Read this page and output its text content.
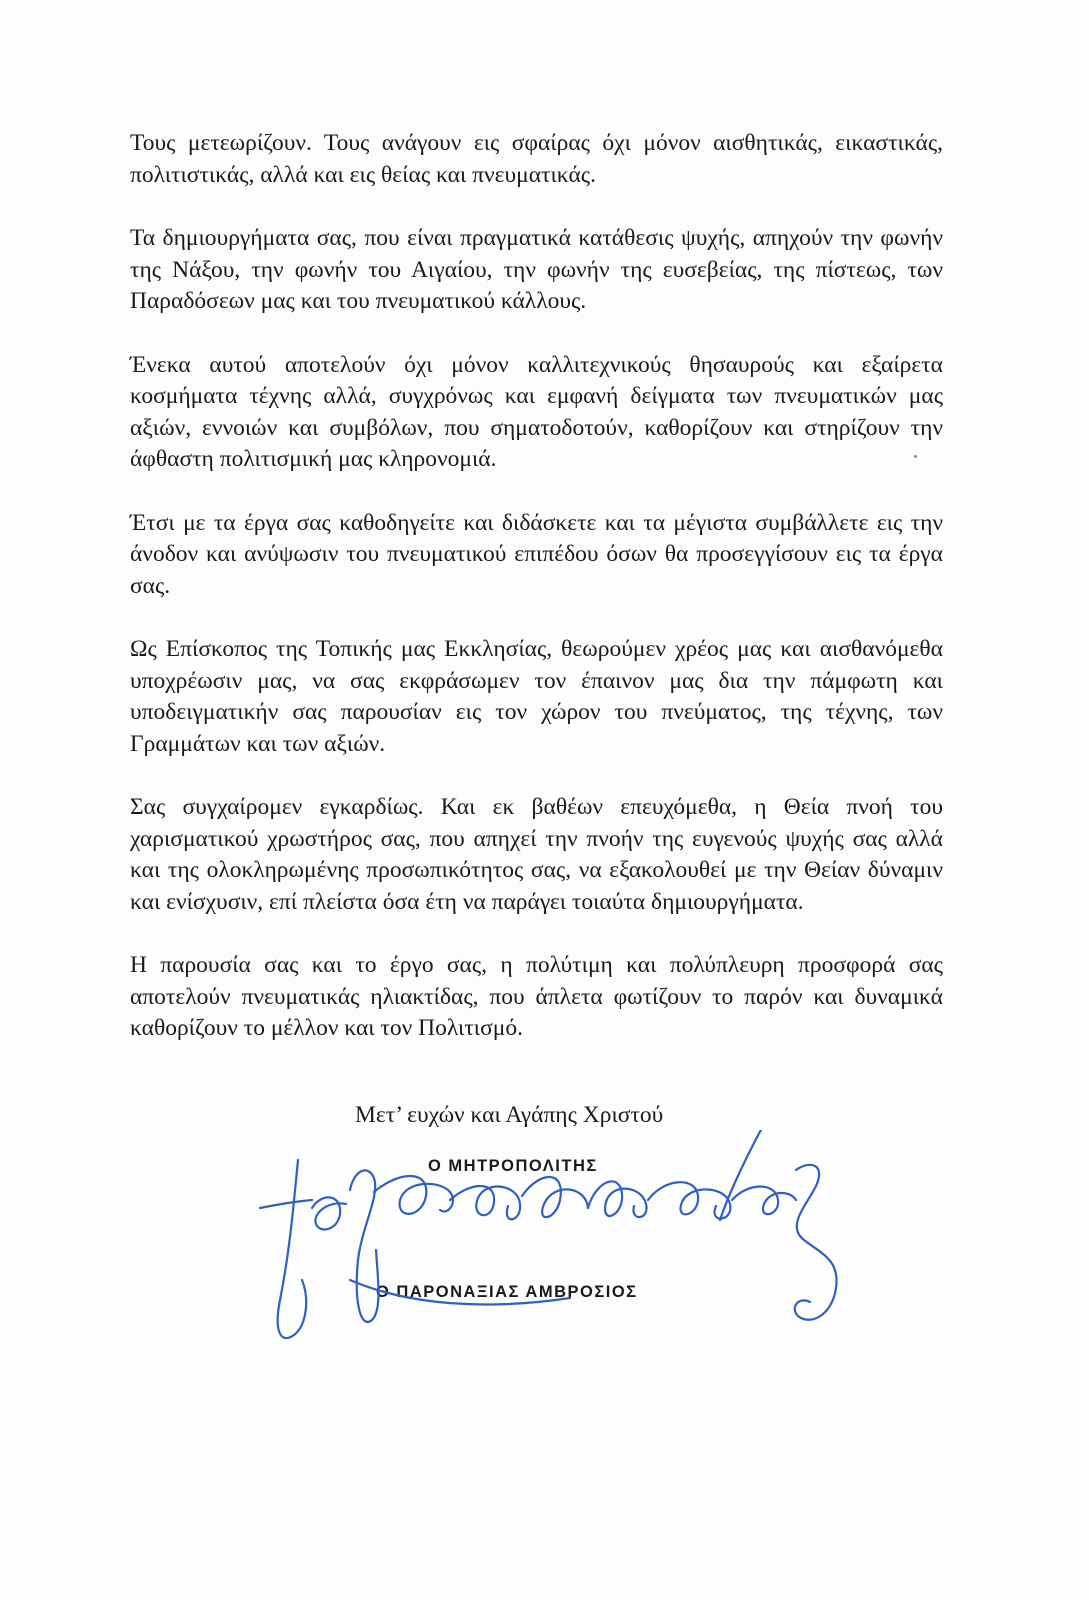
Τους μετεωρίζουν. Τους ανάγουν εις σφαίρας όχι μόνον αισθητικάς, εικαστικάς, πολιτιστικάς, αλλά και εις θείας και πνευματικάς.

Τα δημιουργήματα σας, που είναι πραγματικά κατάθεσις ψυχής, απηχούν την φωνήν της Νάξου, την φωνήν του Αιγαίου, την φωνήν της ευσεβείας, της πίστεως, των Παραδόσεων μας και του πνευματικού κάλλους.

Ένεκα αυτού αποτελούν όχι μόνον καλλιτεχνικούς θησαυρούς και εξαίρετα κοσμήματα τέχνης αλλά, συγχρόνως και εμφανή δείγματα των πνευματικών μας αξιών, εννοιών και συμβόλων, που σηματοδοτούν, καθορίζουν και στηρίζουν την άφθαστη πολιτισμική μας κληρονομιά.

Έτσι με τα έργα σας καθοδηγείτε και διδάσκετε και τα μέγιστα συμβάλλετε εις την άνοδον και ανύψωσιν του πνευματικού επιπέδου όσων θα προσεγγίσουν εις τα έργα σας.

Ως Επίσκοπος της Τοπικής μας Εκκλησίας, θεωρούμεν χρέος μας και αισθανόμεθα υποχρέωσιν μας, να σας εκφράσωμεν τον έπαινον μας δια την πάμφωτη και υποδειγματικήν σας παρουσίαν εις τον χώρον του πνεύματος, της τέχνης, των Γραμμάτων και των αξιών.

Σας συγχαίρομεν εγκαρδίως. Και εκ βαθέων επευχόμεθα, η Θεία πνοή του χαρισματικού χρωστήρος σας, που απηχεί την πνοήν της ευγενούς ψυχής σας αλλά και της ολοκληρωμένης προσωπικότητος σας, να εξακολουθεί με την Θείαν δύναμιν και ενίσχυσιν, επί πλείστα όσα έτη να παράγει τοιαύτα δημιουργήματα.

Η παρουσία σας και το έργο σας, η πολύτιμη και πολύπλευρη προσφορά σας αποτελούν πνευματικάς ηλιακτίδας, που άπλετα φωτίζουν το παρόν και δυναμικά καθορίζουν το μέλλον και τον Πολιτισμό.

Μετ’ ευχών και Αγάπης Χριστού
Ο ΜΗΤΡΟΠΟΛΙΤΗΣ
Ο ΠΑΡΟΝΑΞΙΑΣ ΑΜΒΡΟΣΙΟΣ
